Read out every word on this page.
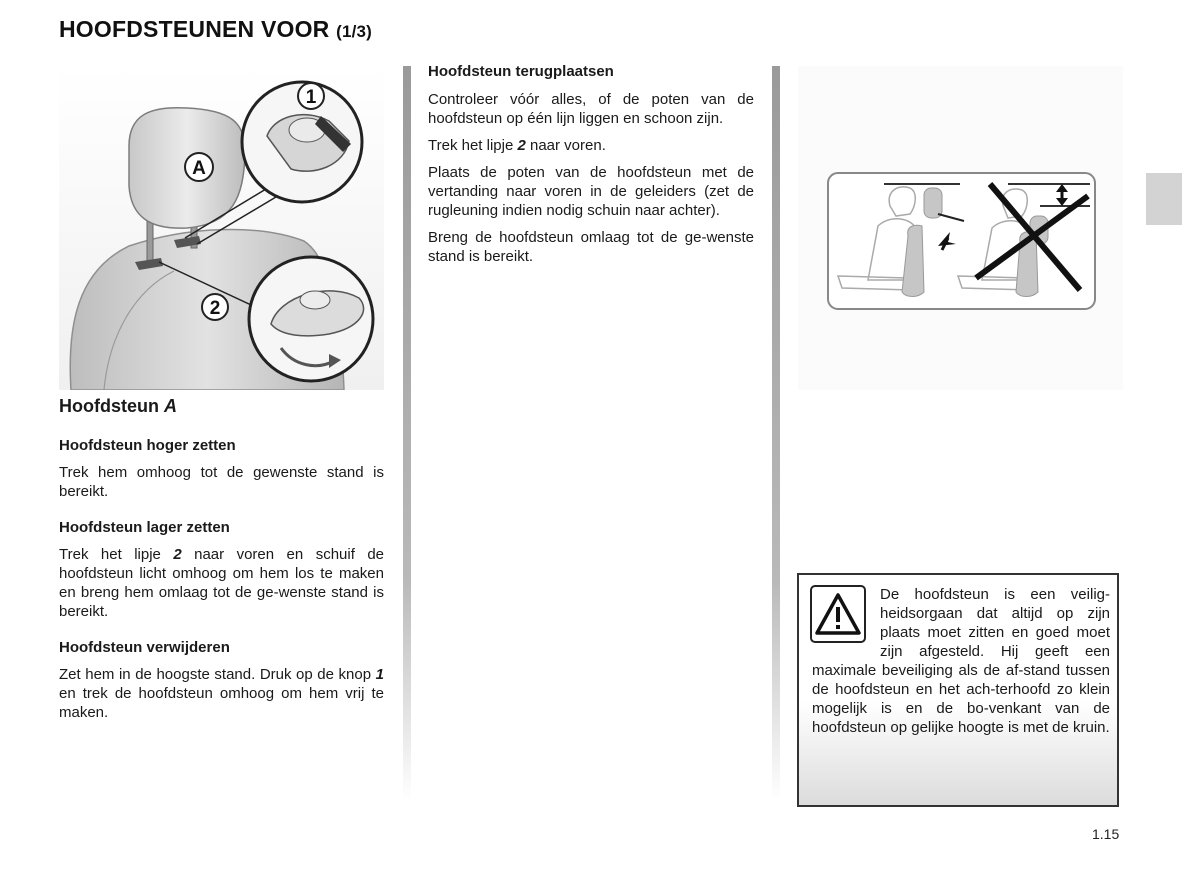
HOOFDSTEUNEN VOOR (1/3)
A
1
2
Hoofdsteun A
Hoofdsteun hoger zetten

Trek hem omhoog tot de gewenste stand is bereikt.

Hoofdsteun lager zetten

Trek het lipje 2 naar voren en schuif de hoofdsteun licht omhoog om hem los te maken en breng hem omlaag tot de ge-wenste stand is bereikt.

Hoofdsteun verwijderen

Zet hem in de hoogste stand. Druk op de knop 1 en trek de hoofdsteun omhoog om hem vrij te maken.

Hoofdsteun terugplaatsen

Controleer vóór alles, of de poten van de hoofdsteun op één lijn liggen en schoon zijn.

Trek het lipje 2 naar voren.

Plaats de poten van de hoofdsteun met de vertanding naar voren in de geleiders (zet de rugleuning indien nodig schuin naar achter).

Breng de hoofdsteun omlaag tot de ge-wenste stand is bereikt.

De hoofdsteun is een veilig-heidsorgaan dat altijd op zijn plaats moet zitten en goed moet zijn afgesteld. Hij geeft een maximale beveiliging als de af-stand tussen de hoofdsteun en het ach-terhoofd zo klein mogelijk is en de bo-venkant van de hoofdsteun op gelijke hoogte is met de kruin.
1.15
